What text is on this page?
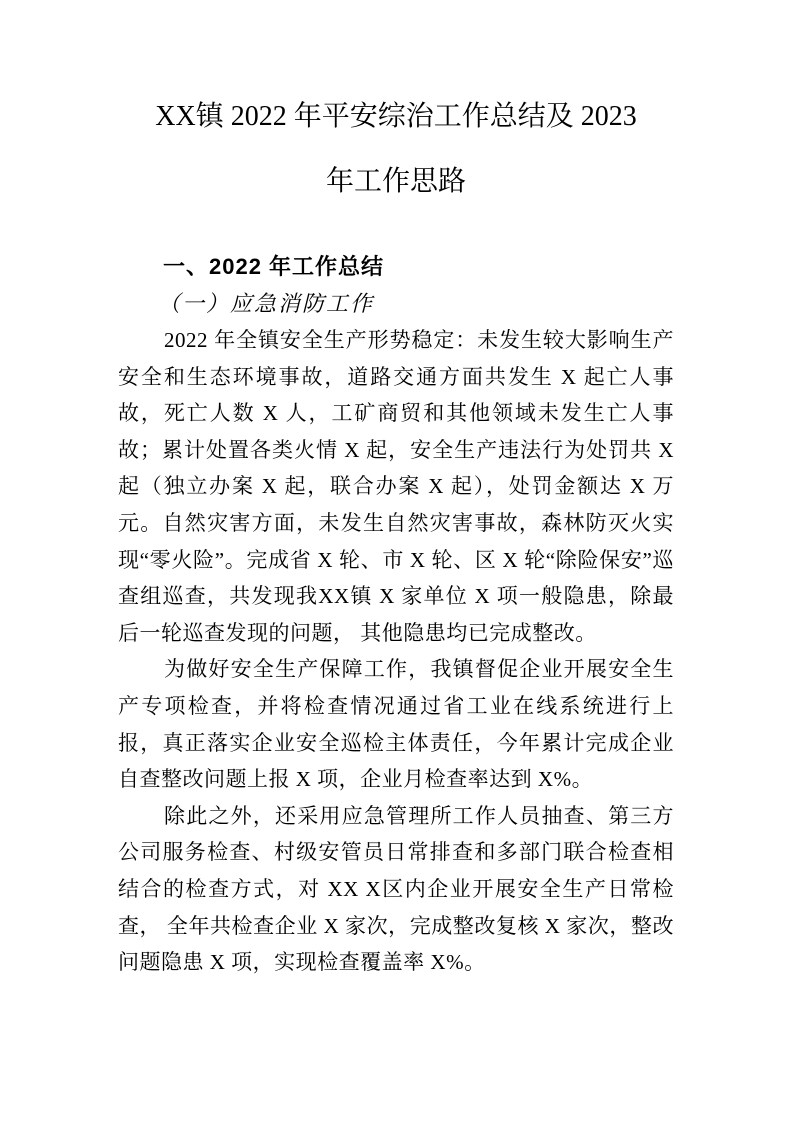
XX镇 2022 年平安综治工作总结及 2023
年工作思路
一、2022 年工作总结
（一）应急消防工作

2022 年全镇安全生产形势稳定：未发生较大影响生产安全和生态环境事故，道路交通方面共发生 X 起亡人事故，死亡人数 X 人，工矿商贸和其他领域未发生亡人事故；累计处置各类火情 X 起，安全生产违法行为处罚共 X 起（独立办案 X 起，联合办案 X 起），处罚金额达 X 万元。自然灾害方面，未发生自然灾害事故，森林防灭火实现“零火险”。完成省 X 轮、市 X 轮、区 X 轮“除险保安”巡查组巡查，共发现我XX镇 X 家单位 X 项一般隐患，除最后一轮巡查发现的问题， 其他隐患均已完成整改。

为做好安全生产保障工作，我镇督促企业开展安全生产专项检查，并将检查情况通过省工业在线系统进行上报，真正落实企业安全巡检主体责任，今年累计完成企业自查整改问题上报 X 项，企业月检查率达到 X%。

除此之外，还采用应急管理所工作人员抽查、第三方公司服务检查、村级安管员日常排查和多部门联合检查相结合的检查方式，对 XX X区内企业开展安全生产日常检查， 全年共检查企业 X 家次，完成整改复核 X 家次，整改问题隐患 X 项，实现检查覆盖率 X%。
